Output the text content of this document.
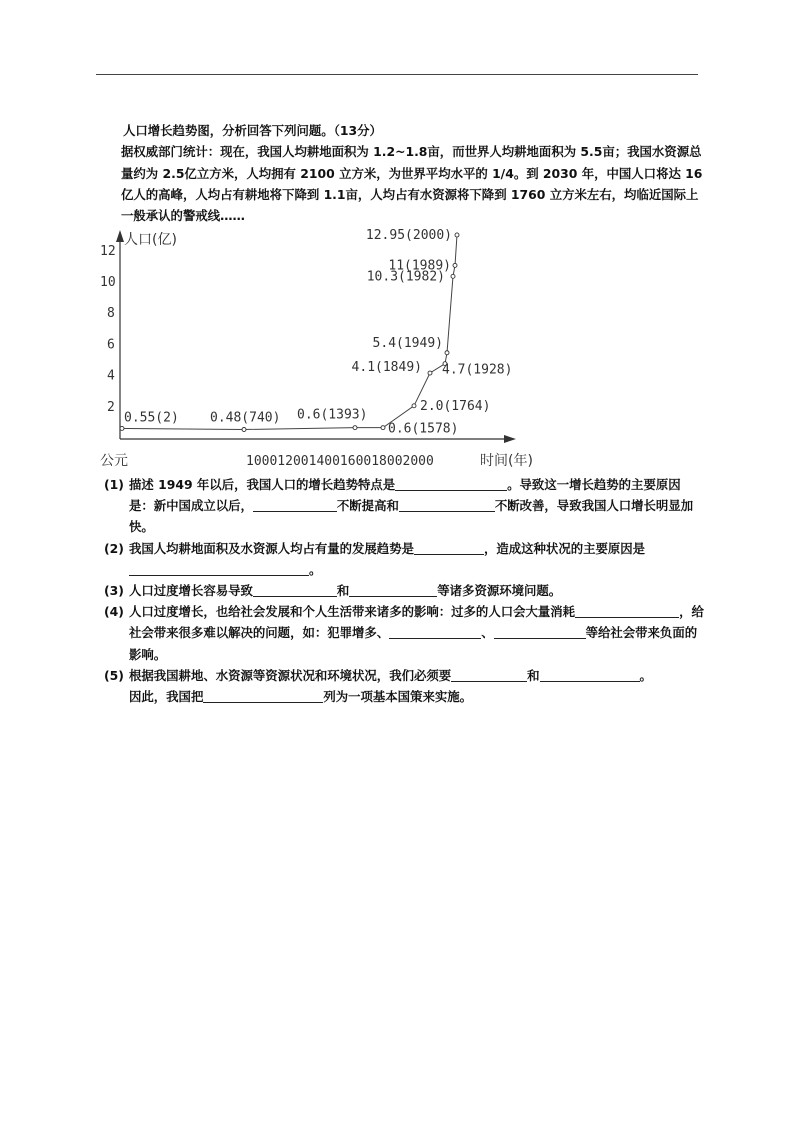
人口增长趋势图，分析回答下列问题。（13分）

据权威部门统计：现在，我国人均耕地面积为 1.2~1.8亩，而世界人均耕地面积为 5.5亩；我国水资源总量约为 2.5亿立方米，人均拥有 2100 立方米，为世界平均水平的 1/4。到 2030 年，中国人口将达 16亿人的高峰，人均占有耕地将下降到 1.1亩，人均占有水资源将下降到 1760 立方米左右，均临近国际上一般承认的警戒线……

人口(亿)
公元	100012001400160018002000	时间(年)
2
4
6
8
10
12
0.55(2) 0.48(740) 0.6(1393)
0.6(1578)
2.0(1764)
4.1(1849) 4.7(1928)
5.4(1949)
10.3(1982)
11(1989)
12.95(2000)

(1) 描述 1949 年以后，我国人口的增长趋势特点是	。导致这一增长趋势的主要原因是：新中国成立以后，	不断提高和	不断改善，导致我国人口增长明显加快。

(2) 我国人均耕地面积及水资源人均占有量的发展趋势是	，造成这种状况的主要原因是。

(3) 人口过度增长容易导致	和	等诸多资源环境问题。

(4) 人口过度增长，也给社会发展和个人生活带来诸多的影响：过多的人口会大量消耗	，给社会带来很多难以解决的问题，如：犯罪增多、	、	等给社会带来负面的影响。

(5) 根据我国耕地、水资源等资源状况和环境状况，我们必须要	和	。
因此，我国把	列为一项基本国策来实施。
